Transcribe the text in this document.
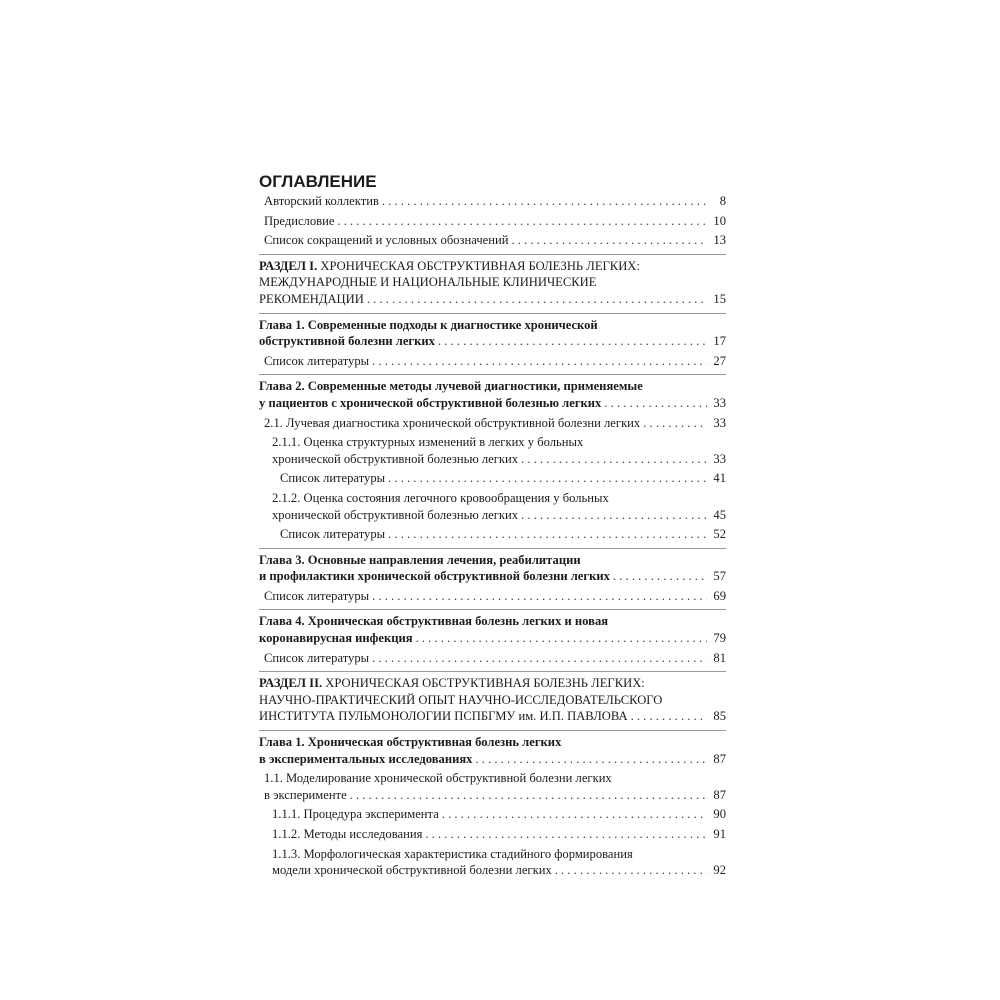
ОГЛАВЛЕНИЕ
Авторский коллектив . . .	8
Предисловие . . .	10
Список сокращений и условных обозначений . . .	13
РАЗДЕЛ I. ХРОНИЧЕСКАЯ ОБСТРУКТИВНАЯ БОЛЕЗНЬ ЛЕГКИХ:
МЕЖДУНАРОДНЫЕ И НАЦИОНАЛЬНЫЕ КЛИНИЧЕСКИЕ
РЕКОМЕНДАЦИИ . . .	15
Глава 1. Современные подходы к диагностике хронической
обструктивной болезни легких . . .	17
Список литературы . . .	27
Глава 2. Современные методы лучевой диагностики, применяемые
у пациентов с хронической обструктивной болезнью легких . . .	33
2.1. Лучевая диагностика хронической обструктивной болезни легких . . .	33
2.1.1. Оценка структурных изменений в легких у больных
хронической обструктивной болезнью легких . . .	33
Список литературы . . .	41
2.1.2. Оценка состояния легочного кровообращения у больных
хронической обструктивной болезнью легких . . .	45
Список литературы . . .	52
Глава 3. Основные направления лечения, реабилитации
и профилактики хронической обструктивной болезни легких . . .	57
Список литературы . . .	69
Глава 4. Хроническая обструктивная болезнь легких и новая
коронавирусная инфекция . . .	79
Список литературы . . .	81
РАЗДЕЛ II. ХРОНИЧЕСКАЯ ОБСТРУКТИВНАЯ БОЛЕЗНЬ ЛЕГКИХ:
НАУЧНО-ПРАКТИЧЕСКИЙ ОПЫТ НАУЧНО-ИССЛЕДОВАТЕЛЬСКОГО
ИНСТИТУТА ПУЛЬМОНОЛОГИИ ПСПБГМУ им. И.П. ПАВЛОВА . . .	85
Глава 1. Хроническая обструктивная болезнь легких
в экспериментальных исследованиях . . .	87
1.1. Моделирование хронической обструктивной болезни легких
в эксперименте . . .	87
1.1.1. Процедура эксперимента . . .	90
1.1.2. Методы исследования . . .	91
1.1.3. Морфологическая характеристика стадийного формирования
модели хронической обструктивной болезни легких . . .	92
